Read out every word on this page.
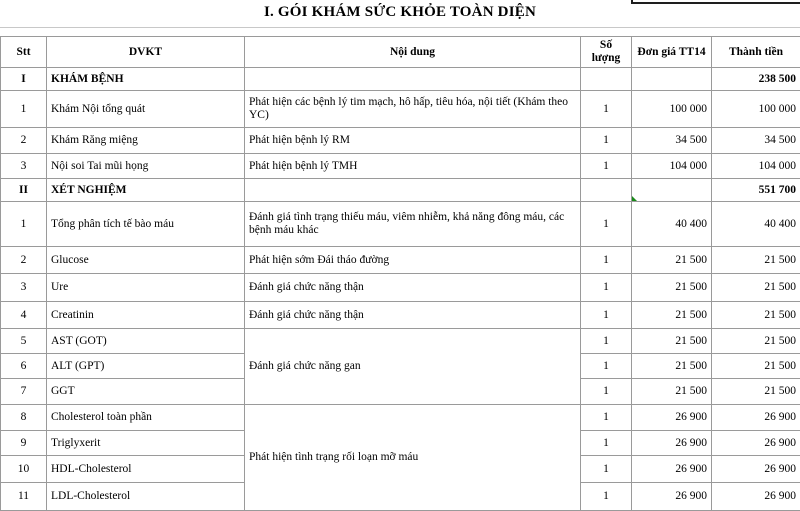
I. GÓI KHÁM SỨC KHỎE TOÀN DIỆN
Stt	DVKT	Nội dung	Số lượng	Đơn giá TT14	Thành tiền
I	KHÁM BỆNH				238 500
1	Khám Nội tổng quát	Phát hiện các bệnh lý tim mạch, hô hấp, tiêu hóa, nội tiết (Khám theo YC)	1	100 000	100 000
2	Khám Răng miệng	Phát hiện bệnh lý RM	1	34 500	34 500
3	Nội soi Tai mũi họng	Phát hiện bệnh lý TMH	1	104 000	104 000
II	XÉT NGHIỆM				551 700
1	Tổng phân tích tế bào máu	Đánh giá tình trạng thiếu máu, viêm nhiễm, khả năng đông máu, các bệnh máu khác	1	40 400	40 400
2	Glucose	Phát hiện sớm Đái tháo đường	1	21 500	21 500
3	Ure	Đánh giá chức năng thận	1	21 500	21 500
4	Creatinin	Đánh giá chức năng thận	1	21 500	21 500
5	AST (GOT)	Đánh giá chức năng gan	1	21 500	21 500
6	ALT (GPT)		1	21 500	21 500
7	GGT		1	21 500	21 500
8	Cholesterol toàn phần	Phát hiện tình trạng rối loạn mỡ máu	1	26 900	26 900
9	Triglyxerit		1	26 900	26 900
10	HDL-Cholesterol		1	26 900	26 900
11	LDL-Cholesterol		1	26 900	26 900
